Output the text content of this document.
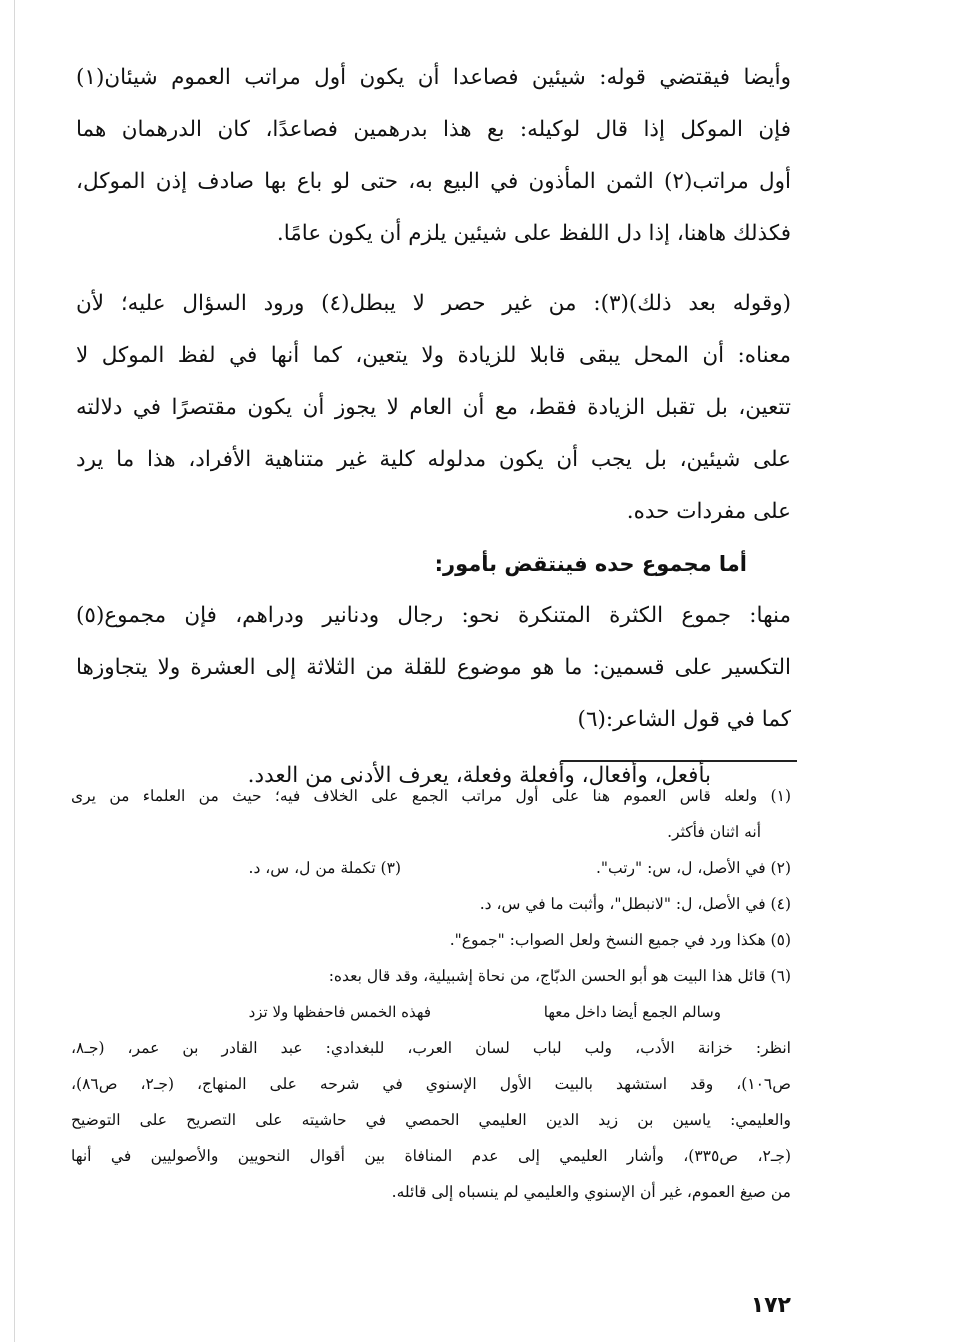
وأيضا فيقتضي قوله: شيئين فصاعدا أن يكون أول مراتب العموم شيئان(١)
فإن الموكل إذا قال لوكيله: بع هذا بدرهمين فصاعدًا، كان الدرهمان هما
أول مراتب(٢) الثمن المأذون في البيع به، حتى لو باع بها صادف إذن الموكل،
فكذلك هاهنا، إذا دل اللفظ على شيئين يلزم أن يكون عامًا.
(وقوله بعد ذلك)(٣): من غير حصر لا يبطل(٤) ورود السؤال عليه؛ لأن
معناه: أن المحل يبقى قابلا للزيادة ولا يتعين، كما أنها في لفظ الموكل لا
تتعين، بل تقبل الزيادة فقط، مع أن العام لا يجوز أن يكون مقتصرًا في دلالته
على شيئين، بل يجب أن يكون مدلوله كلية غير متناهية الأفراد، هذا ما يرد
على مفردات حده.
أما مجموع حده فينتقض بأمور:
منها: جموع الكثرة المتنكرة نحو: رجال ودنانير ودراهم، فإن مجموع(٥)
التكسير على قسمين: ما هو موضوع للقلة من الثلاثة إلى العشرة ولا يتجاوزها
كما في قول الشاعر:(٦)
بأفعل، وأفعال، وأفعلة وفعلة، يعرف الأدنى من العدد.
(١) ولعله قاس العموم هنا على أول مراتب الجمع على الخلاف فيه؛ حيث من العلماء من يرى
أنه اثنان فأكثر.
(٢) في الأصل، ل، س: "رتب".
(٣) تكملة من ل، س، د.
(٤) في الأصل، ل: "لانبطل"، وأثبت ما في س، د.
(٥) هكذا ورد في جميع النسخ ولعل الصواب: "جموع".
(٦) قائل هذا البيت هو أبو الحسن الدبّاج، من نحاة إشبيلية، وقد قال بعده:
وسالم الجمع أيضا داخل معها
فهذه الخمس فاحفظها ولا تزد
انظر: خزانة الأدب، ولب لباب لسان العرب، للبغدادي: عبد القادر بن عمر، (جـ٨،
ص١٠٦)، وقد استشهد بالبيت الأول الإسنوي في شرحه على المنهاج، (جـ٢، ص٨٦)،
والعليمي: ياسين بن زيد الدين العليمي الحمصي في حاشيته على التصريح على التوضيح
(جـ٢، ص٣٣٥)، وأشار العليمي إلى عدم المنافاة بين أقوال النحويين والأصوليين في أنها
من صيغ العموم، غير أن الإسنوي والعليمي لم ينسباه إلى قائله.
١٧٢
